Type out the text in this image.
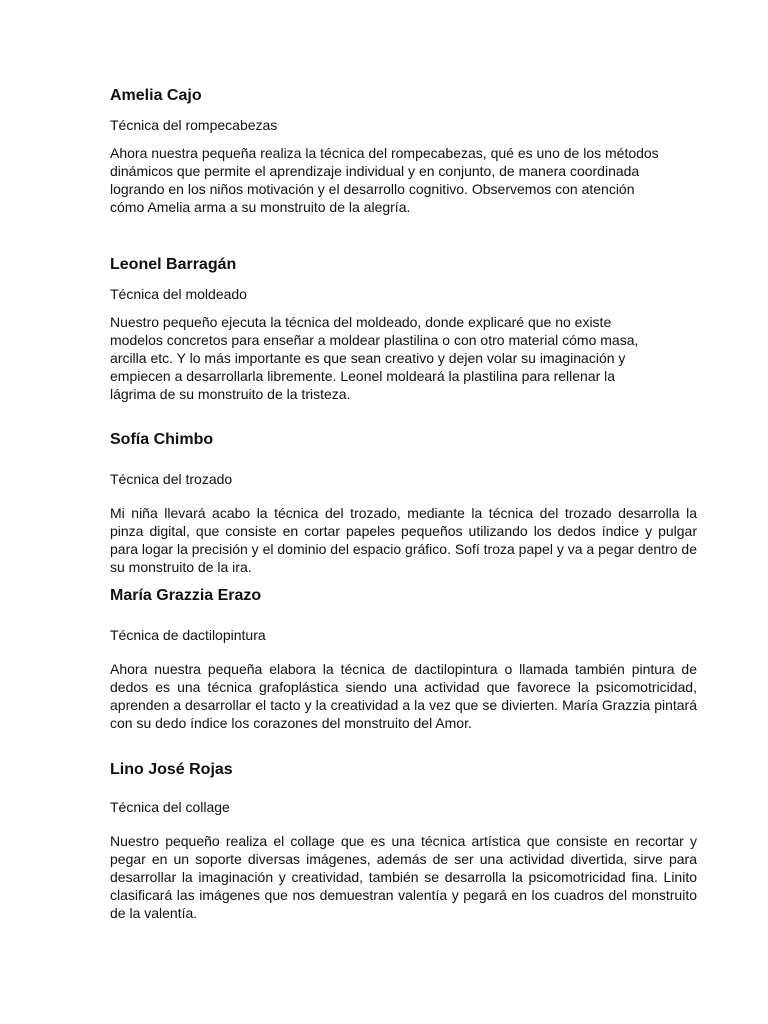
Amelia Cajo

Técnica del rompecabezas

Ahora nuestra pequeña realiza la técnica del rompecabezas, qué es uno de los métodos dinámicos que permite el aprendizaje individual y en conjunto, de manera coordinada logrando en los niños motivación y el desarrollo cognitivo. Observemos con atención cómo Amelia arma a su monstruito de la alegría.

Leonel Barragán

Técnica del moldeado

Nuestro pequeño ejecuta la técnica del moldeado, donde explicaré que no existe modelos concretos para enseñar a moldear plastilina o con otro material cómo masa, arcilla etc. Y lo más importante es que sean creativo y dejen volar su imaginación y empiecen a desarrollarla libremente. Leonel moldeará la plastilina para rellenar la lágrima de su monstruito de la tristeza.

Sofía Chimbo

Técnica del trozado

Mi niña llevará acabo la técnica del trozado, mediante la técnica del trozado desarrolla la pinza digital, que consiste en cortar papeles pequeños utilizando los dedos índice y pulgar para logar la precisión y el dominio del espacio gráfico. Sofí troza papel y va a pegar dentro de su monstruito de la ira.

María Grazzia Erazo

Técnica de dactilopintura

Ahora nuestra pequeña elabora la técnica de dactilopintura o llamada también pintura de dedos es una técnica grafoplástica siendo una actividad que favorece la psicomotricidad, aprenden a desarrollar el tacto y la creatividad a la vez que se divierten. María Grazzia pintará con su dedo índice los corazones del monstruito del Amor.

Lino José Rojas

Técnica del collage

Nuestro pequeño realiza el collage que es una técnica artística que consiste en recortar y pegar en un soporte diversas imágenes, además de ser una actividad divertida, sirve para desarrollar la imaginación y creatividad, también se desarrolla la psicomotricidad fina. Linito clasificará las imágenes que nos demuestran valentía y pegará en los cuadros del monstruito de la valentía.
